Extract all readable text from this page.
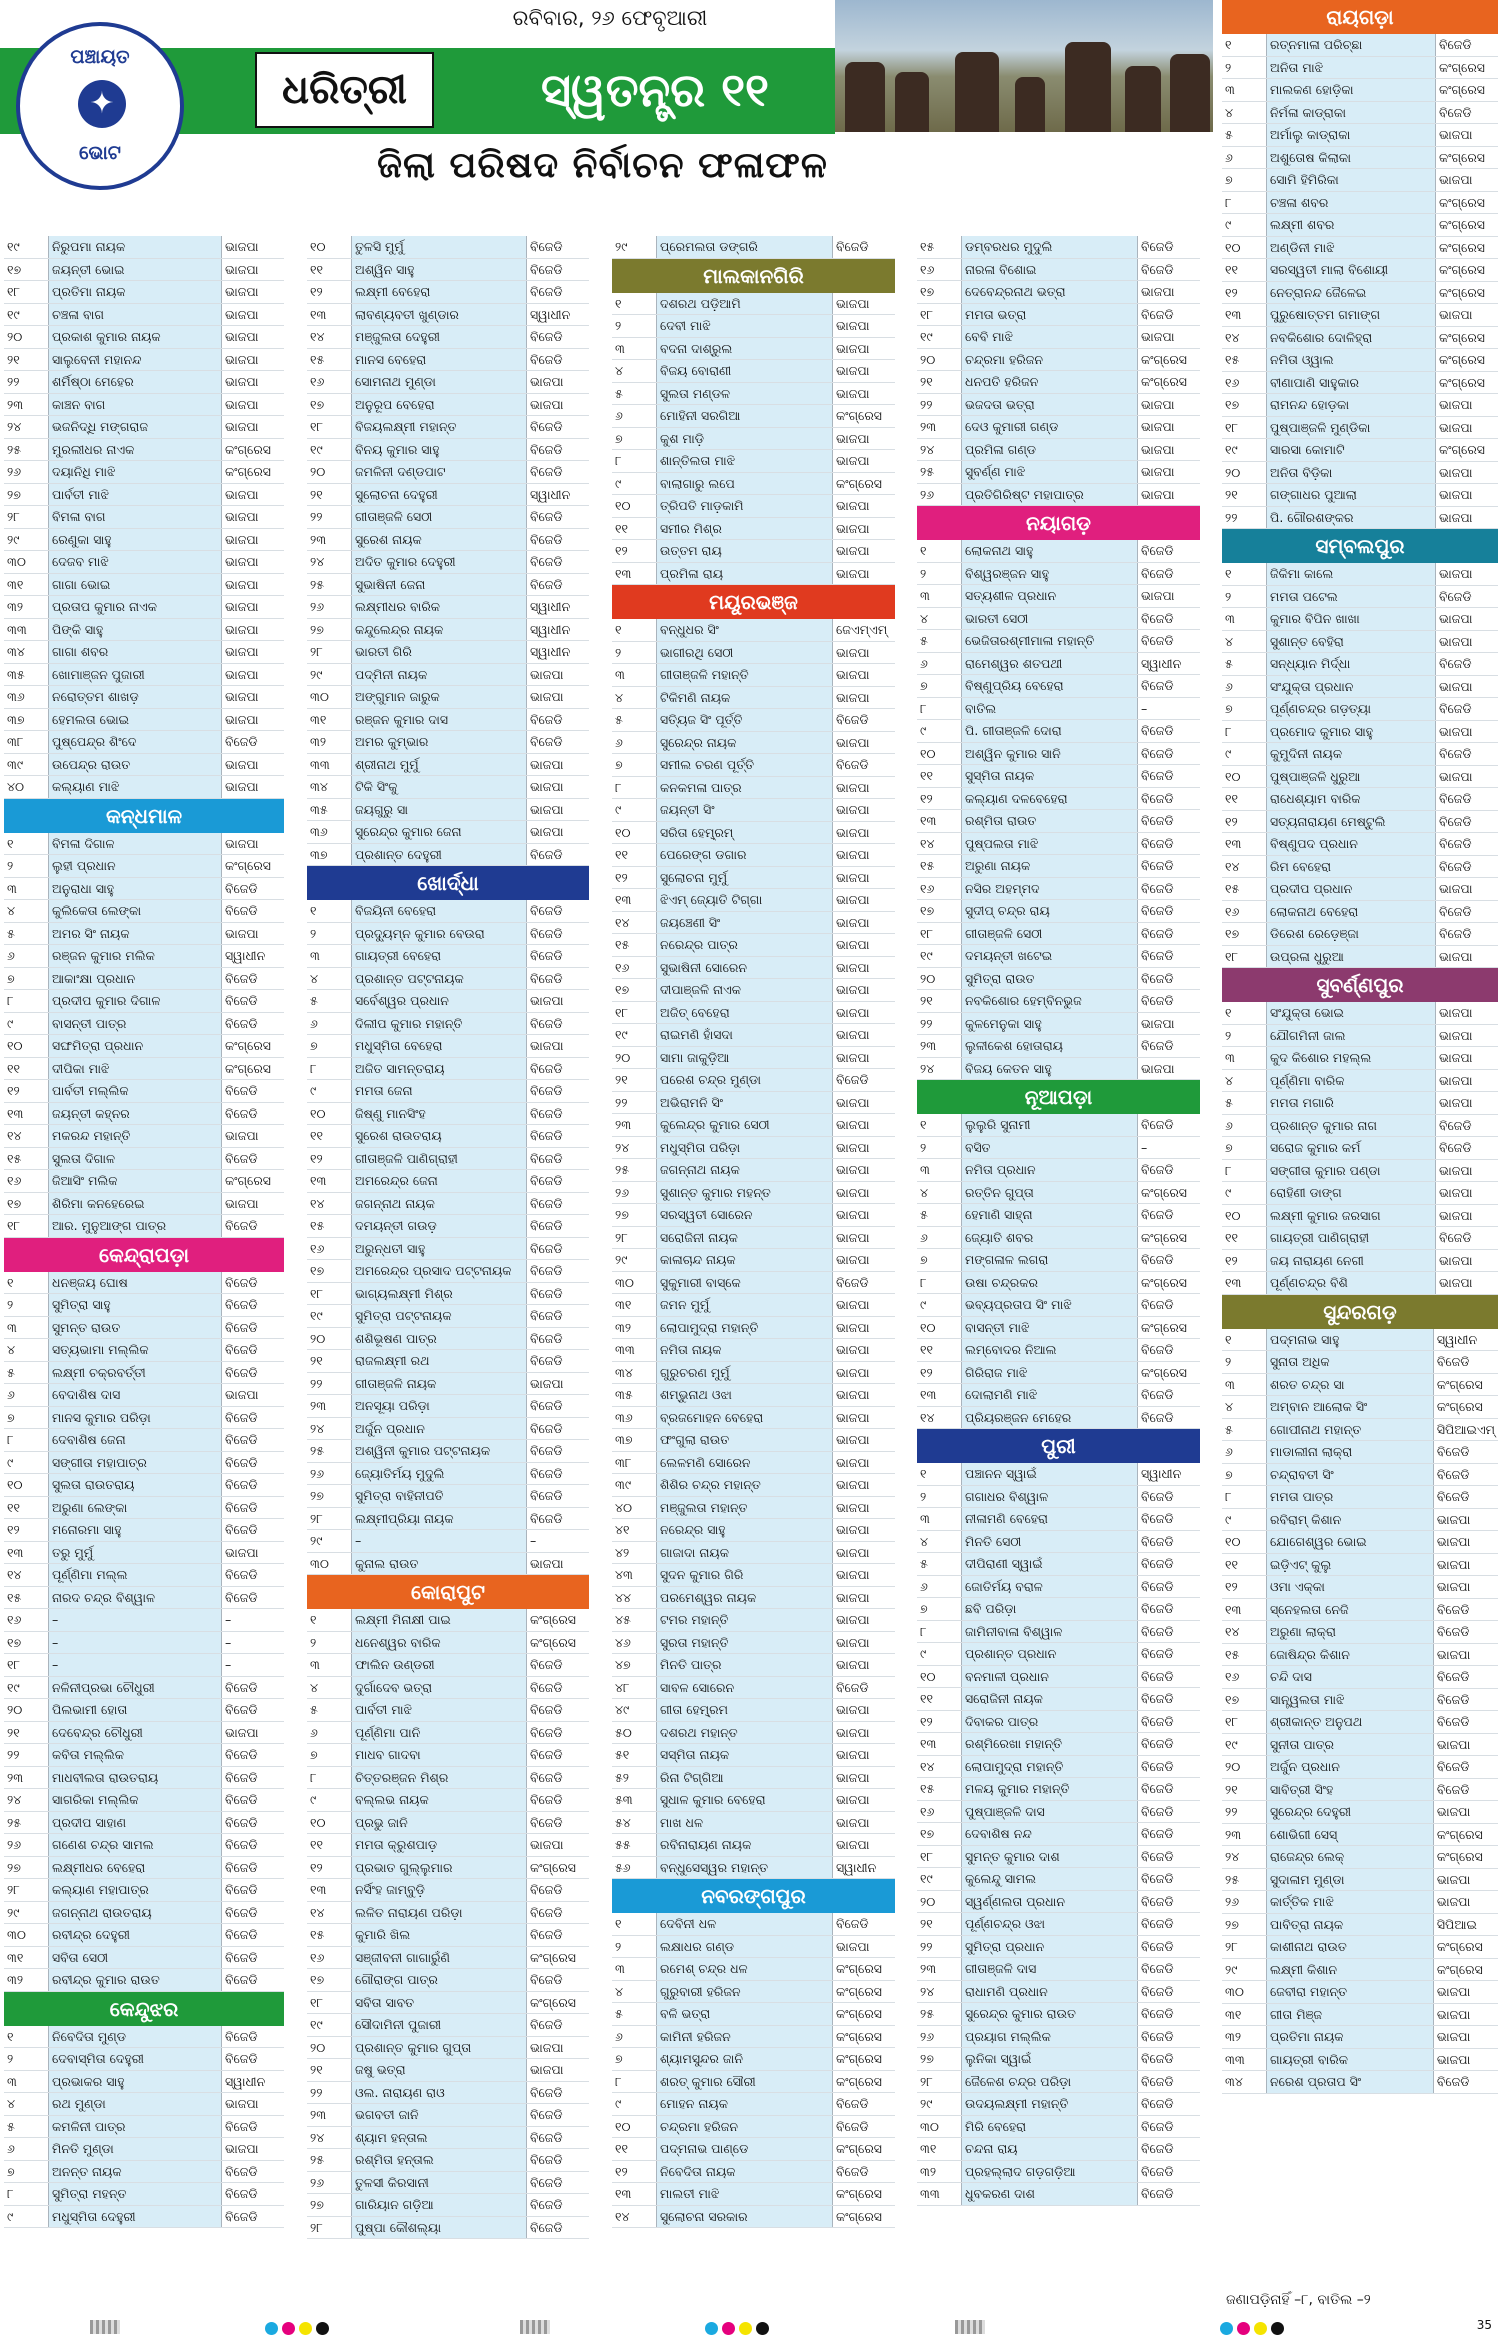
ରବିବାର, ୨୬ ଫେବୃଆରୀ
ପଞ୍ଚାୟତ
✦
ଭୋଟ
ଧରିତ୍ରୀ	ସ୍ୱତନ୍ତ୍ର ୧୧
ଜିଲା ପରିଷଦ ନିର୍ବାଚନ ଫଳାଫଳ
୧୯	ନିରୁପମା ନାୟକ	ଭାଜପା
୧୭	ଜୟନ୍ତୀ ଭୋଇ	ଭାଜପା
୧୮	ପ୍ରତିମା ନାୟକ	ଭାଜପା
୧୯	ଚଞ୍ଚଳା ବାଗ	ଭାଜପା
୨୦	ପ୍ରକାଶ କୁମାର ନାୟକ	ଭାଜପା
୨୧	ସାଲୁବେନୀ ମହାନନ୍ଦ	ଭାଜପା
୨୨	ଶର୍ମିଷ୍ଠା ମେହେର	ଭାଜପା
୨୩	କାଞ୍ଚନ ବାଗ	ଭାଜପା
୨୪	ଭଜନିଦ୍ଧି ମଙ୍ଗରାଜ	ଭାଜପା
୨୫	ମୁରଲୀଧର ନାଏକ	କଂଗ୍ରେସ
୨୬	ଦୟାନିଧି ମାଝି	କଂଗ୍ରେସ
୨୭	ପାର୍ବତୀ ମାଝି	ଭାଜପା
୨୮	ବିମଳା ବାଗ	ଭାଜପା
୨୯	ରେଣୁକା ସାହୁ	ଭାଜପା
୩୦	ଦେଜବ ମାଝି	ଭାଜପା
୩୧	ଗାଗା ଭୋଇ	ଭାଜପା
୩୨	ପ୍ରତାପ କୁମାର ନାଏକ	ଭାଜପା
୩୩	ପିଙ୍କି ସାହୁ	ଭାଜପା
୩୪	ଗାଗା ଶବର	ଭାଜପା
୩୫	ଖୋମାଞ୍ଜନ ପୁଜାରୀ	ଭାଜପା
୩୬	ନରୋତ୍ତମ ଶାଖଡ଼	ଭାଜପା
୩୭	ହେମଲତା ଭୋଇ	ଭାଜପା
୩୮	ପୁଷ୍ପେନ୍ଦ୍ର ଶିଂଦେ	ବିଜେଡି
୩୯	ଉପେନ୍ଦ୍ର ରାଉତ	ଭାଜପା
୪୦	କଲ୍ୟାଣ ମାଝି	ଭାଜପା
କନ୍ଧମାଳ
୧	ବିମଳା ଦିଗାଳ	ଭାଜପା
୨	ଲୁହୀ ପ୍ରଧାନ	କଂଗ୍ରେସ
୩	ଅନୁରାଧା ସାହୁ	ବିଜେଡି
୪	କୁଲିକେତା ଲେଙ୍କା	ବିଜେଡି
୫	ଅମର ସିଂ ନାୟକ	ଭାଜପା
୬	ରଞ୍ଜନ କୁମାର ମଲିକ	ସ୍ୱାଧୀନ
୭	ଆକାଂକ୍ଷା ପ୍ରଧାନ	ବିଜେଡି
୮	ପ୍ରଦୀପ କୁମାର ଦିଗାଳ	ବିଜେଡି
୯	ବାସନ୍ତୀ ପାତ୍ର	ବିଜେଡି
୧୦	ସଙ୍ଘମିତ୍ରା ପ୍ରଧାନ	କଂଗ୍ରେସ
୧୧	ଦୀପିକା ମାଝି	କଂଗ୍ରେସ
୧୨	ପାର୍ବତୀ ମଲ୍ଲିକ	ବିଜେଡି
୧୩	ଜୟନ୍ତୀ କହ୍ନର	ବିଜେଡି
୧୪	ମକରନ୍ଦ ମହାନ୍ତି	ଭାଜପା
୧୫	ସୁଲତା ଦିଗାଳ	ବିଜେଡି
୧୬	ଜିଆସିଂ ମଲିକ	କଂଗ୍ରେସ
୧୭	ଶିରିମା କନହେରେଇ	ଭାଜପା
୧୮	ଆର. ମୁନୁଆଙ୍ଗ ପାତ୍ର	ବିଜେଡି
କେନ୍ଦ୍ରାପଡ଼ା
୧	ଧନଞ୍ଜୟ ଘୋଷ	ବିଜେଡି
୨	ସୁମିତ୍ରା ସାହୁ	ବିଜେଡି
୩	ସୁମନ୍ତ ରାଉତ	ବିଜେଡି
୪	ସତ୍ୟଭାମା ମଲ୍ଲିକ	ବିଜେଡି
୫	ଲକ୍ଷ୍ମୀ ଚକ୍ରବର୍ତ୍ତୀ	ବିଜେଡି
୬	ବେଦାଶିଷ ଦାସ	ଭାଜପା
୭	ମାନସ କୁମାର ପରିଡ଼ା	ବିଜେଡି
୮	ଦେବାଶିଷ ଜେନା	ବିଜେଡି
୯	ସଙ୍ଗୀତା ମହାପାତ୍ର	ବିଜେଡି
୧୦	ସୁଲତା ରାଉତରାୟ	ବିଜେଡି
୧୧	ଅରୁଣା ଲେଙ୍କା	ବିଜେଡି
୧୨	ମନୋରମା ସାହୁ	ବିଜେଡି
୧୩	ତରୁ ମୁର୍ମୁ	ଭାଜପା
୧୪	ପୂର୍ଣ୍ଣିମା ମଲ୍ଲ	ବିଜେଡି
୧୫	ନାରଦ ଚନ୍ଦ୍ର ବିଶ୍ୱାଳ	ବିଜେଡି
୧୬	–	–
୧୭	–	–
୧୮	–	–
୧୯	ନଳିନୀପ୍ରଭା ଚୌଧୁରୀ	ବିଜେଡି
୨୦	ପିଲଭାମୀ ହୋତା	ବିଜେଡି
୨୧	ଦେବେନ୍ଦ୍ର ଚୌଧୁରୀ	ଭାଜପା
୨୨	କବିତା ମଲ୍ଲିକ	ବିଜେଡି
୨୩	ମାଧବୀଲତା ରାଉତରାୟ	ବିଜେଡି
୨୪	ସାଗରିକା ମଲ୍ଲିକ	ବିଜେଡି
୨୫	ପ୍ରଦୀପ ସାହାଣ	ବିଜେଡି
୨୬	ଗଣେଶ ଚନ୍ଦ୍ର ସାମଲ	ବିଜେଡି
୨୭	ଲକ୍ଷ୍ମୀଧର ବେହେରା	ବିଜେଡି
୨୮	କଲ୍ୟାଣ ମହାପାତ୍ର	ବିଜେଡି
୨୯	ଜଗନ୍ନାଥ ରାଉତରାୟ	ବିଜେଡି
୩୦	ରବୀନ୍ଦ୍ର ଦେହୁରୀ	ବିଜେଡି
୩୧	ସବିତା ସେଠୀ	ବିଜେଡି
୩୨	ରବୀନ୍ଦ୍ର କୁମାର ରାଉତ	ବିଜେଡି
କେନ୍ଦୁଝର
୧	ନିବେଦିତା ମୁଣ୍ଡ	ବିଜେଡି
୨	ଦେବାସ୍ମିତା ଦେହୁରୀ	ବିଜେଡି
୩	ପ୍ରଭାକର ସାହୁ	ସ୍ୱାଧୀନ
୪	ରଥ ମୁଣ୍ଡା	ଭାଜପା
୫	କମଳିନୀ ପାତ୍ର	ବିଜେଡି
୬	ମିନତି ମୁଣ୍ଡା	ଭାଜପା
୭	ଅନନ୍ତ ନାୟକ	ବିଜେଡି
୮	ସୁମିତ୍ରା ମହନ୍ତ	ବିଜେଡି
୯	ମଧୁସ୍ମିତା ଦେହୁରୀ	ବିଜେଡି
୧୦	ତୁଳସି ମୁର୍ମୁ	ବିଜେଡି
୧୧	ଅଶ୍ୱିନ ସାହୁ	ବିଜେଡି
୧୨	ଲକ୍ଷ୍ମୀ ବେହେରା	ବିଜେଡି
୧୩	ଲାବଣ୍ୟବତୀ ଖୁଣ୍ଡାର	ସ୍ୱାଧୀନ
୧୪	ମଞ୍ଜୁଲତା ଦେହୁରୀ	ବିଜେଡି
୧୫	ମାନସ ବେହେରା	ବିଜେଡି
୧୬	ସୋମନାଥ ମୁଣ୍ଡା	ଭାଜପା
୧୭	ଅନୁରୂପ ବେହେରା	ଭାଜପା
୧୮	ବିଜୟଲକ୍ଷ୍ମୀ ମହାନ୍ତ	ବିଜେଡି
୧୯	ବିନୟ କୁମାର ସାହୁ	ବିଜେଡି
୨୦	ଜମଳିନୀ ଦଣ୍ଡପାଟ	ବିଜେଡି
୨୧	ସୁଲୋଚନା ଦେହୁରୀ	ସ୍ୱାଧୀନ
୨୨	ଗୀତାଞ୍ଜଳି ସେଠୀ	ବିଜେଡି
୨୩	ସୁରେଶ ନାୟକ	ବିଜେଡି
୨୪	ଅଦିତ କୁମାର ଦେହୁରୀ	ବିଜେଡି
୨୫	ସୁଭାଷିନୀ ଜେନା	ବିଜେଡି
୨୬	ଲକ୍ଷ୍ମୀଧର ବାରିକ	ସ୍ୱାଧୀନ
୨୭	କନ୍ଦୁଲେନ୍ଦ୍ର ନାୟକ	ସ୍ୱାଧୀନ
୨୮	ଭାରତୀ ଗିରି	ସ୍ୱାଧୀନ
୨୯	ପଦ୍ମିନୀ ନାୟକ	ଭାଜପା
୩୦	ଅଙ୍ଗୁମାନ ଜାରୁକ	ଭାଜପା
୩୧	ରଞ୍ଜନ କୁମାର ଦାସ	ବିଜେଡି
୩୨	ଅମର କୁମ୍ଭାର	ବିଜେଡି
୩୩	ଶ୍ରୀନାଥ ମୁର୍ମୁ	ଭାଜପା
୩୪	ଟିକି ସିଂକୁ	ଭାଜପା
୩୫	ଜୟଗୁରୁ ସା	ଭାଜପା
୩୬	ସୁରେନ୍ଦ୍ର କୁମାର ଜେନା	ଭାଜପା
୩୭	ପ୍ରଶାନ୍ତ ଦେହୁରୀ	ବିଜେଡି
ଖୋର୍ଦ୍ଧା
୧	ବିଜୟିନୀ ବେହେରା	ବିଜେଡି
୨	ପ୍ରଦ୍ୟୁମ୍ନ କୁମାର ବେଉରା	ବିଜେଡି
୩	ଗାୟତ୍ରୀ ବେହେରା	ବିଜେଡି
୪	ପ୍ରଶାନ୍ତ ପଟ୍ଟନାୟକ	ବିଜେଡି
୫	ସର୍ବେଶ୍ୱର ପ୍ରଧାନ	ଭାଜପା
୬	ଦିଲୀପ କୁମାର ମହାନ୍ତି	ବିଜେଡି
୭	ମଧୁସ୍ମିତା ବେହେରା	ଭାଜପା
୮	ଅଜିତ ସାମନ୍ତରାୟ	ବିଜେଡି
୯	ମମତା ଜେନା	ବିଜେଡି
୧୦	ଜିଷ୍ଣୁ ମାନସିଂହ	ବିଜେଡି
୧୧	ସୁରେଶ ରାଉତରାୟ	ବିଜେଡି
୧୨	ଗୀତାଞ୍ଜଳି ପାଣିଗ୍ରାହୀ	ବିଜେଡି
୧୩	ଅମରେନ୍ଦ୍ର ଜେନା	ବିଜେଡି
୧୪	ଜଗନ୍ନାଥ ନାୟକ	ବିଜେଡି
୧୫	ଦମୟନ୍ତୀ ଗଉଡ଼	ବିଜେଡି
୧୬	ଅରୁନ୍ଧତୀ ସାହୁ	ବିଜେଡି
୧୭	ଅମରେନ୍ଦ୍ର ପ୍ରସାଦ ପଟ୍ଟନାୟକ	ବିଜେଡି
୧୮	ଭାଗ୍ୟଲକ୍ଷ୍ମୀ ମିଶ୍ର	ବିଜେଡି
୧୯	ସୁମିତ୍ରା ପଟ୍ଟନାୟକ	ବିଜେଡି
୨୦	ଶଶିଭୂଷଣ ପାତ୍ର	ବିଜେଡି
୨୧	ରାଜଲକ୍ଷ୍ମୀ ରଥ	ବିଜେଡି
୨୨	ଗୀତାଞ୍ଜଳି ନାୟକ	ଭାଜପା
୨୩	ଅନସୂୟା ପରିଡ଼ା	ବିଜେଡି
୨୪	ଅର୍ଜୁନ ପ୍ରଧାନ	ବିଜେଡି
୨୫	ଅଶ୍ୱିନୀ କୁମାର ପଟ୍ଟନାୟକ	ବିଜେଡି
୨୬	ଜ୍ୟୋତିର୍ମୟ ମୁଦୁଲି	ବିଜେଡି
୨୭	ସୁମିତ୍ରା ବାହିନୀପତି	ବିଜେଡି
୨୮	ଲକ୍ଷ୍ମୀପ୍ରିୟା ନାୟକ	ବିଜେଡି
୨୯	–	–
୩୦	କୁନାଲ ରାଉତ	ଭାଜପା
କୋରାପୁଟ
୧	ଲକ୍ଷ୍ମୀ ମିନାକ୍ଷୀ ପାଇ	କଂଗ୍ରେସ
୨	ଧନେଶ୍ୱର ବାରିକ	କଂଗ୍ରେସ
୩	ଫାଲିନ ଉଣ୍ଡରୀ	ବିଜେଡି
୪	ଦୁର୍ଗାଦେବ ଭତ୍ରା	ବିଜେଡି
୫	ପାର୍ବତୀ ମାଝି	ବିଜେଡି
୬	ପୂର୍ଣ୍ଣିମା ପାନି	ବିଜେଡି
୭	ମାଧବ ଗାଦବା	ବିଜେଡି
୮	ଚିତ୍ତରଞ୍ଜନ ମିଶ୍ର	ବିଜେଡି
୯	ବଲ୍ଲଭ ନାୟକ	ବିଜେଡି
୧୦	ପ୍ରଭୁ ଜାନି	ବିଜେଡି
୧୧	ମମତା କ୍ରୁଶପାଡ଼	ଭାଜପା
୧୨	ପ୍ରଭାତ ଗୁଲ୍ଲୁମାର	କଂଗ୍ରେସ
୧୩	ନର୍ସିଂହ ଜାମ୍ବୁଡ଼ି	ବିଜେଡି
୧୪	ଲଳିତ ନାରାୟଣ ପରିଡ଼ା	ବିଜେଡି
୧୫	କୁମାରି ଖିଲ	ବିଜେଡି
୧୬	ସଞ୍ଜୀବନୀ ଗାଗାରୁଁଣି	କଂଗ୍ରେସ
୧୭	ଗୌରାଙ୍ଗ ପାତ୍ର	ବିଜେଡି
୧୮	ସବିତା ସାବତ	କଂଗ୍ରେସ
୧୯	ସୌଦାମିନୀ ପୁଜାରୀ	ବିଜେଡି
୨୦	ପ୍ରଶାନ୍ତ କୁମାର ଗୁପ୍ତା	ଭାଜପା
୨୧	ଜଷୁ ଭତ୍ରା	ଭାଜପା
୨୨	ଓଲ. ନାରାୟଣ ରାଓ	ବିଜେଡି
୨୩	ଭଗବତୀ ଜାନି	ବିଜେଡି
୨୪	ଶ୍ୟାମ ହନ୍ତାଲ	ବିଜେଡି
୨୫	ରଶ୍ମିତା ହନ୍ତାଲ	ବିଜେଡି
୨୬	ତୁଳସୀ କିରସାନୀ	ବିଜେଡି
୨୭	ଗାରିୟାନ ଗଡ଼ିଆ	ବିଜେଡି
୨୮	ପୁଷ୍ପା କୌଶଲ୍ୟା	ବିଜେଡି
୨୯	ପ୍ରେମଲତା ଡଙ୍ଗରି	ବିଜେଡି
ମାଲକାନଗିରି
୧	ଦଶରଥ ପଡ଼ିଆମି	ଭାଜପା
୨	ଦେବୀ ମାଝି	ଭାଜପା
୩	ବଦନା ଦାଶ୍ରୁଲ	ଭାଜପା
୪	ବିଜୟ ବୋରାଣୀ	ଭାଜପା
୫	ସୁଲତା ମଣ୍ଡଳ	ଭାଜପା
୬	ମୋହିନୀ ସରଗିଆ	କଂଗ୍ରେସ
୭	କୁଶ ମାଡ଼ି	ଭାଜପା
୮	ଶାନ୍ତିଲତା ମାଝି	ଭାଜପା
୯	ବାଲାଗାରୁ ଲପେ	କଂଗ୍ରେସ
୧୦	ତ୍ରିପତି ମାଡ଼କାମି	ଭାଜପା
୧୧	ସମୀର ମିଶ୍ର	ଭାଜପା
୧୨	ଉତ୍ତମ ରାୟ	ଭାଜପା
୧୩	ପ୍ରମିଳା ରାୟ	ଭାଜପା
ମୟୂରଭଞ୍ଜ
୧	ବନ୍ଧୁଧର ସିଂ	ଜେଏମ୍‌ଏମ୍
୨	ଭାଗୀରଥି ସେଠୀ	ଭାଜପା
୩	ଗୀତାଞ୍ଜଳି ମହାନ୍ତି	ଭାଜପା
୪	ଟିକିମଣି ନାୟକ	ଭାଜପା
୫	ସତ୍ୟିଜ ସିଂ ପୂର୍ତ୍ତି	ବିଜେଡି
୬	ସୁରେନ୍ଦ୍ର ନାୟକ	ଭାଜପା
୭	ସମୀଲ ଚରଣ ପୂର୍ତ୍ତି	ବିଜେଡି
୮	କନକମଳା ପାତ୍ର	ଭାଜପା
୯	ଜୟନ୍ତୀ ସିଂ	ଭାଜପା
୧୦	ସରିତା ହେମ୍ବ୍ରମ୍	ଭାଜପା
୧୧	ପେରେଙ୍ଗ ଡଗାର	ଭାଜପା
୧୨	ସୁଲୋଚନା ମୁର୍ମୁ	ଭାଜପା
୧୩	ଝିଏମ୍ ଜ୍ୟୋତି ଟିଗ୍ଗା	ଭାଜପା
୧୪	ଜୟଞ୍ଚେଣୀ ସିଂ	ଭାଜପା
୧୫	ନରେନ୍ଦ୍ର ପାତ୍ର	ଭାଜପା
୧୬	ସୁଭାଷିନୀ ସୋରେନ	ଭାଜପା
୧୭	ଦୀପାଞ୍ଜଳି ନାଏକ	ଭାଜପା
୧୮	ଅଜିତ୍ ବେହେରା	ଭାଜପା
୧୯	ରାଇମଣି ହାଁସଦା	ଭାଜପା
୨୦	ସାମା ଜାକୁଡ଼ିଆ	ଭାଜପା
୨୧	ପରେଶ ଚନ୍ଦ୍ର ମୁଣ୍ଡା	ବିଜେଡି
୨୨	ଅଭିରାମନି ସିଂ	ଭାଜପା
୨୩	କୁଲେନ୍ଦ୍ର କୁମାର ସେଠୀ	ଭାଜପା
୨୪	ମଧୁସ୍ମିତା ପରିଡ଼ା	ଭାଜପା
୨୫	ଜଗନ୍ନାଥ ନାୟକ	ଭାଜପା
୨୬	ସୁଶାନ୍ତ କୁମାର ମହନ୍ତ	ଭାଜପା
୨୭	ସରସ୍ୱତୀ ସୋରେନ	ଭାଜପା
୨୮	ସରୋଜିନୀ ନାୟକ	ଭାଜପା
୨୯	କାଳାଚାନ୍ଦ ନାୟକ	ଭାଜପା
୩୦	ସୁକୁମାରୀ ବାସ୍କେ	ବିଜେଡି
୩୧	ଜମନ ମୁର୍ମୁ	ଭାଜପା
୩୨	ଲୋପାମୁଦ୍ରା ମହାନ୍ତି	ଭାଜପା
୩୩	ନମିତା ନାୟକ	ଭାଜପା
୩୪	ଗୁରୁଚରଣ ମୁର୍ମୁ	ଭାଜପା
୩୫	ଶମ୍ଭୁନାଥ ଓଝା	ଭାଜପା
୩୬	ବ୍ରଜମୋହନ ବେହେରା	ଭାଜପା
୩୭	ଫଂଗୁଲା ରାଉତ	ଭାଜପା
୩୮	ଲେଳମଣି ସୋରେନ	ଭାଜପା
୩୯	ଶିଶିର ଚନ୍ଦ୍ର ମହାନ୍ତ	ଭାଜପା
୪୦	ମଞ୍ଜୁଲତା ମହାନ୍ତ	ଭାଜପା
୪୧	ନରେନ୍ଦ୍ର ସାହୁ	ଭାଜପା
୪୨	ଗାଜାଦା ନାୟକ	ଭାଜପା
୪୩	ସୁଦନ କୁମାର ଗିରି	ଭାଜପା
୪୪	ପରମେଶ୍ୱର ନାୟକ	ଭାଜପା
୪୫	ଟମର ମହାନ୍ତି	ଭାଜପା
୪୬	ସୁରତା ମହାନ୍ତି	ଭାଜପା
୪୭	ମିନତି ପାତ୍ର	ଭାଜପା
୪୮	ସାବଳ ସୋରେନ	ବିଜେଡି
୪୯	ଗୀତା ହେମ୍ବ୍ରମ	ଭାଜପା
୫୦	ଦଶରଥ ମହାନ୍ତ	ଭାଜପା
୫୧	ସସ୍ମିତା ନାୟକ	ଭାଜପା
୫୨	ରିନା ଟିଗ୍ଗିଆ	ଭାଜପା
୫୩	ସୁଧାଳ କୁମାର ବେହେରା	ଭାଜପା
୫୪	ମାଖ ଧଳ	ଭାଜପା
୫୫	ରବିନାରାୟଣ ନାୟକ	ଭାଜପା
୫୬	ବନ୍ଧୁସେସ୍ୱର ମହାନ୍ତ	ସ୍ୱାଧୀନ
ନବରଙ୍ଗପୁର
୧	ଦେବିନୀ ଧଳ	ବିଜେଡି
୨	ଲକ୍ଷାଧର ଗଣ୍ଡ	ଭାଜପା
୩	ରମେଶ୍ ଚନ୍ଦ୍ର ଧଳ	କଂଗ୍ରେସ
୪	ଗୁରୁବାରୀ ହରିଜନ	କଂଗ୍ରେସ
୫	ବଳି ଭତ୍ରା	କଂଗ୍ରେସ
୬	କାମିନୀ ହରିଜନ	କଂଗ୍ରେସ
୭	ଶ୍ୟାମସୁନ୍ଦର ଜାନି	କଂଗ୍ରେସ
୮	ଶରତ୍ କୁମାର ସୌରୀ	କଂଗ୍ରେସ
୯	ମୋହନ ନାୟକ	ବିଜେଡି
୧୦	ଚନ୍ଦ୍ରମା ହରିଜନ	ବିଜେଡି
୧୧	ପଦ୍ମନାଭ ପାଣ୍ଡେ	କଂଗ୍ରେସ
୧୨	ନିବେଦିତା ନାୟକ	ବିଜେଡି
୧୩	ମାଲତୀ ମାଝି	କଂଗ୍ରେସ
୧୪	ସୁଲୋଚନା ସରକାର	କଂଗ୍ରେସ
୧୫	ଡମ୍ବରଧର ମୁଦୁଲି	ବିଜେଡି
୧୬	ନାରଳା ବିଶୋଇ	ବିଜେଡି
୧୭	ଦେବେନ୍ଦ୍ରନାଥ ଭତ୍ରା	ଭାଜପା
୧୮	ମମତା ଭତ୍ରା	ବିଜେଡି
୧୯	ବେବି ମାଝି	ଭାଜପା
୨୦	ଚନ୍ଦ୍ରମା ହରିଜନ	କଂଗ୍ରେସ
୨୧	ଧନପତି ହରିଜନ	କଂଗ୍ରେସ
୨୨	ଭଜଦତା ଭତ୍ରା	ଭାଜପା
୨୩	ଦେଓ କୁମାରୀ ଗଣ୍ଡ	ଭାଜପା
୨୪	ପ୍ରମିଳା ଗଣ୍ଡ	ଭାଜପା
୨୫	ସୁବର୍ଣ୍ଣ ମାଝି	ଭାଜପା
୨୬	ପ୍ରତିଗିରିଷ୍ଟ ମହାପାତ୍ର	ଭାଜପା
ନୟାଗଡ଼
୧	ଲୋକନାଥ ସାହୁ	ବିଜେଡି
୨	ବିଶ୍ୱରଞ୍ଜନ ସାହୁ	ବିଜେଡି
୩	ସତ୍ୟଶୀଳ ପ୍ରଧାନ	ଭାଜପା
୪	ଭାରତୀ ସେଠୀ	ବିଜେଡି
୫	ଭେଜିତାରଶ୍ମୀମାଳା ମହାନ୍ତି	ବିଜେଡି
୬	ରାମେଶ୍ୱର ଶତପଥୀ	ସ୍ୱାଧୀନ
୭	ବିଷ୍ଣୁପ୍ରିୟ ବେହେରା	ବିଜେଡି
୮	ବାତିଲ	–
୯	ପି. ଗୀତାଞ୍ଜଳି ଦୋରା	ବିଜେଡି
୧୦	ଅଶ୍ୱିନ କୁମାର ସାନି	ବିଜେଡି
୧୧	ସୁସ୍ମିତା ନାୟକ	ବିଜେଡି
୧୨	କଲ୍ୟାଣ ଦଳବେହେରା	ବିଜେଡି
୧୩	ରଶ୍ମିତା ରାଉତ	ବିଜେଡି
୧୪	ପୁଷ୍ପଲତା ମାଝି	ବିଜେଡି
୧୫	ଅରୁଣା ନାୟକ	ବିଜେଡି
୧୬	ନସିର ଅହମ୍ମଦ	ବିଜେଡି
୧୭	ସୁଦୀପ୍ ଚନ୍ଦ୍ର ରାୟ	ବିଜେଡି
୧୮	ଗୀତାଞ୍ଜଳି ସେଠୀ	ବିଜେଡି
୧୯	ଦମୟନ୍ତୀ ଖଟେଇ	ବିଜେଡି
୨୦	ସୁମିତ୍ରା ରାଉତ	ବିଜେଡି
୨୧	ନବକିଶୋର ହେମ୍ବିନଭୁଜ	ବିଜେଡି
୨୨	କୁଳମେନୁକା ସାହୁ	ଭାଜପା
୨୩	ଲୁଳୀକେଶ ହୋତାରାୟ	ବିଜେଡି
୨୪	ବିଜୟ କେତନ ସାହୁ	ଭାଜପା
ନୂଆପଡ଼ା
୧	ଲୁଲୁରି ସୁନାମୀ	ବିଜେଡି
୨	ବସିତ	–
୩	ନମିତା ପ୍ରଧାନ	ବିଜେଡି
୪	ରତ୍ତିନ ଗୁପ୍ତା	କଂଗ୍ରେସ
୫	ହେମାଣି ସାହ୍ନା	ବିଜେଡି
୬	ଜ୍ୟୋତି ଶବର	କଂଗ୍ରେସ
୭	ମଙ୍ଗଳାଳ ଲଗରା	ବିଜେଡି
୮	ଉଷା ଚନ୍ଦ୍ରକର	କଂଗ୍ରେସ
୯	ଭବ୍ୟପ୍ରତାପ ସିଂ ମାଝି	ବିଜେଡି
୧୦	ବାସନ୍ତୀ ମାଝି	କଂଗ୍ରେସ
୧୧	ଲମ୍ବୋଦର ନିଆଲ	ବିଜେଡି
୧୨	ଗିରିରାଜ ମାଝି	କଂଗ୍ରେସ
୧୩	ଦୋଲାମଣି ମାଝି	ବିଜେଡି
୧୪	ପ୍ରିୟରଞ୍ଜନ ମେହେର	ବିଜେଡି
ପୁରୀ
୧	ପଞ୍ଚାନନ ସ୍ୱାଇଁ	ସ୍ୱାଧୀନ
୨	ଗଗାଧର ବିଶ୍ୱାଳ	ବିଜେଡି
୩	ନୀଳାମଣି ବେହେରା	ବିଜେଡି
୪	ମିନତି ସେଠୀ	ବିଜେଡି
୫	ଦୀପିରାଣୀ ସ୍ୱାଇଁ	ବିଜେଡି
୬	ଜୋତିର୍ମୟ ବରାଳ	ବିଜେଡି
୭	ଛବି ପରିଡ଼ା	ବିଜେଡି
୮	ଜାମିନୀବାଳା ବିଶ୍ୱାଳ	ବିଜେଡି
୯	ପ୍ରଶାନ୍ତ ପ୍ରଧାନ	ବିଜେଡି
୧୦	ବନମାଳୀ ପ୍ରଧାନ	ବିଜେଡି
୧୧	ସରୋଜିନୀ ନାୟକ	ବିଜେଡି
୧୨	ଦିବାକର ପାତ୍ର	ବିଜେଡି
୧୩	ରଶ୍ମିରେଖା ମହାନ୍ତି	ବିଜେଡି
୧୪	ଲୋପାମୁଦ୍ରା ମହାନ୍ତି	ବିଜେଡି
୧୫	ମଳୟ କୁମାର ମହାନ୍ତି	ବିଜେଡି
୧୬	ପୁଷ୍ପାଞ୍ଜଳି ଦାସ	ବିଜେଡି
୧୭	ଦେବାଶିଷ ନନ୍ଦ	ବିଜେଡି
୧୮	ସୁମନ୍ତ କୁମାର ଦାଶ	ବିଜେଡି
୧୯	କୁଲେନ୍ଦୁ ସାମଲ	ବିଜେଡି
୨୦	ସ୍ୱର୍ଣ୍ଣଲତା ପ୍ରଧାନ	ବିଜେଡି
୨୧	ପୂର୍ଣ୍ଣଚନ୍ଦ୍ର ଓଝା	ବିଜେଡି
୨୨	ସୁମିତ୍ରା ପ୍ରଧାନ	ବିଜେଡି
୨୩	ଗୀତାଞ୍ଜଳି ଦାସ	ବିଜେଡି
୨୪	ରାଧାମଣି ପ୍ରଧାନ	ବିଜେଡି
୨୫	ସୁରେନ୍ଦ୍ର କୁମାର ରାଉତ	ବିଜେଡି
୨୬	ପ୍ରୟାଗ ମଲ୍ଲିକ	ବିଜେଡି
୨୭	ଲୁନିକା ସ୍ୱାଇଁ	ବିଜେଡି
୨୮	ଜୈଳେଶ ଚନ୍ଦ୍ର ପରିଡ଼ା	ବିଜେଡି
୨୯	ଉଦୟଲକ୍ଷ୍ମୀ ମହାନ୍ତି	ବିଜେଡି
୩୦	ମିରି ବେହେରା	ବିଜେଡି
୩୧	ଚନ୍ଦନା ରାୟ	ବିଜେଡି
୩୨	ପ୍ରହଲ୍ଲାଦ ଗଡ଼ଗଡ଼ିଆ	ବିଜେଡି
୩୩	ଧୁବକରଣ ଦାଶ	ବିଜେଡି
ରାୟଗଡ଼ା
୧	ରତ୍ନମାଳା ପରିଚ୍ଛା	ବିଜେଡି
୨	ଅନିତା ମାଝି	କଂଗ୍ରେସ
୩	ମାଲକଣ ହୋଡ଼ିକା	କଂଗ୍ରେସ
୪	ନିର୍ମଳା କାଡ୍ରାକା	ବିଜେଡି
୫	ଅର୍ମାଲୁ କାଡ୍ରାକା	ଭାଜପା
୬	ଅଶୁତୋଷ କିଲାକା	କଂଗ୍ରେସ
୭	ସୋମି ହିମିରିକା	ଭାଜପା
୮	ଚଞ୍ଚଳା ଶବର	କଂଗ୍ରେସ
୯	ଲକ୍ଷ୍ମୀ ଶବର	କଂଗ୍ରେସ
୧୦	ଅଣ୍ଡିନୀ ମାଝି	କଂଗ୍ରେସ
୧୧	ସରସ୍ୱତୀ ମାଲା ବିଶୋୟୀ	କଂଗ୍ରେସ
୧୨	ନେତ୍ରାନନ୍ଦ ଜୈଳେଇ	କଂଗ୍ରେସ
୧୩	ପୁରୁଷୋତ୍ତମ ଗମାଙ୍ଗ	ଭାଜପା
୧୪	ନବକିଶୋର ଦୋଳିହ୍ରା	କଂଗ୍ରେସ
୧୫	ନମିତା ଓ୍ୱାଲ	କଂଗ୍ରେସ
୧୬	ବୀଣାପାଣି ସାହୁକାର	କଂଗ୍ରେସ
୧୭	ରାମନନ୍ଦ ହୋଡ଼କା	ଭାଜପା
୧୮	ପୁଷ୍ପାଞ୍ଜଳି ମୁଣ୍ଡିକା	ଭାଜପା
୧୯	ସାରସା କୋମାଟି	କଂଗ୍ରେସ
୨୦	ଅନିତା ବିଡ଼ିକା	ଭାଜପା
୨୧	ଗଙ୍ଗାଧର ପୁଆଲା	ଭାଜପା
୨୨	ପି. ଗୌରଶଙ୍କର	ଭାଜପା
ସମ୍ବଲପୁର
୧	ଜିକିମା କାଲେ	ଭାଜପା
୨	ମମତା ପଟେଲ	ବିଜେଡି
୩	କୁମାର ବିପିନ ଖାଖା	ଭାଜପା
୪	ସୁଶାନ୍ତ ବେହିରା	ଭାଜପା
୫	ସନ୍ଧ୍ୟାନ ମିର୍ଦ୍ଧା	ବିଜେଡି
୬	ସଂଯୁକ୍ତା ପ୍ରଧାନ	ଭାଜପା
୭	ପୂର୍ଣ୍ଣଚନ୍ଦ୍ର ଗଡ଼ତ୍ୟା	ବିଜେଡି
୮	ପ୍ରମୋଦ କୁମାର ସାହୁ	ଭାଜପା
୯	କୁମୁଦିନୀ ନାୟକ	ବିଜେଡି
୧୦	ପୁଷ୍ପାଞ୍ଜଳି ଧୁରୁଆ	ଭାଜପା
୧୧	ରାଧେଶ୍ୟାମ ବାରିକ	ବିଜେଡି
୧୨	ସତ୍ୟନାରାୟଣ ମେଷ୍ଟୁଲି	ବିଜେଡି
୧୩	ବିଷ୍ଣୁପଦ ପ୍ରଧାନ	ବିଜେଡି
୧୪	ରିମ ବେହେରା	ବିଜେଡି
୧୫	ପ୍ରଦୀପ ପ୍ରଧାନ	ଭାଜପା
୧୬	ଲୋକନାଥ ବେହେରା	ବିଜେଡି
୧୭	ଡିରେଶ ରେଡ଼େଞ୍ଜା	ବିଜେଡି
୧୮	ଉପ୍ରଳା ଧୁରୁଆ	ଭାଜପା
ସୁବର୍ଣ୍ଣପୁର
୧	ସଂଯୁକ୍ତା ଭୋଇ	ଭାଜପା
୨	ଯୌଗମିନୀ ଜାଲ	ଭାଜପା
୩	କୁଦ କିଶୋର ମହଲ୍ଲ	ଭାଜପା
୪	ପୂର୍ଣ୍ଣିମା ବାରିକ	ଭାଜପା
୫	ମମତା ମଗାରି	ଭାଜପା
୬	ପ୍ରଶାନ୍ତ କୁମାର ନାଗ	ବିଜେଡି
୭	ସରୋଜ କୁମାର କର୍ମ	ବିଜେଡି
୮	ସଙ୍ଗୀତା କୁମାର ପଣ୍ଡା	ଭାଜପା
୯	ରୋହିଣୀ ଡାଙ୍ଗ	ଭାଜପା
୧୦	ଲକ୍ଷ୍ମୀ କୁମାର ଜରସାଗ	ଭାଜପା
୧୧	ଗାୟତ୍ରୀ ପାଣିଗ୍ରାହୀ	ବିଜେଡି
୧୨	ଜୟ ନାରାୟଣ ନେଗୀ	ଭାଜପା
୧୩	ପୂର୍ଣ୍ଣଚନ୍ଦ୍ର ବିଶି	ଭାଜପା
ସୁନ୍ଦରଗଡ଼
୧	ପଦ୍ମନାଭ ସାହୁ	ସ୍ୱାଧୀନ
୨	ସୁନାତା ଅଧିକ	ବିଜେଡି
୩	ଶରତ ଚନ୍ଦ୍ର ସା	କଂଗ୍ରେସ
୪	ଅମ୍ବାନ ଆଲୋକ ସିଂ	କଂଗ୍ରେସ
୫	ଗୋପୀନାଥ ମହାନ୍ତ	ସିପିଆଇଏମ୍
୬	ମାଡାଲୀନା ଲାକ୍ରା	ବିଜେଡି
୭	ଚନ୍ଦ୍ରାବତୀ ସିଂ	ବିଜେଡି
୮	ମମତା ପାତ୍ର	ବିଜେଡି
୯	ରବିରାମ୍ କିଶାନ	ଭାଜପା
୧୦	ଯୋଗେଶ୍ୱର ଭୋଇ	ଭାଜପା
୧୧	ଇଡ଼ିଏଟ୍ କୁଲୁ	ଭାଜପା
୧୨	ଓମା ଏକ୍କା	ଭାଜପା
୧୩	ସ୍ନେହଲତା ନେଜି	ବିଜେଡି
୧୪	ଅରୁଣା ଲାକ୍ରା	ବିଜେଡି
୧୫	ଜୋଷିନ୍ଦ୍ର କିଶାନ	ଭାଜପା
୧୬	ଚନ୍ଦି ଦାସ	ବିଜେଡି
୧୭	ସାନ୍ତ୍ୱଲତା ମାଝି	ବିଜେଡି
୧୮	ଶ୍ରୀକାନ୍ତ ଅନୁପଥ	ବିଜେଡି
୧୯	ସୁନୀତା ପାତ୍ର	ଭାଜପା
୨୦	ଅର୍ଜୁନ ପ୍ରଧାନ	ବିଜେଡି
୨୧	ସାବିତ୍ରୀ ସିଂହ	ବିଜେଡି
୨୨	ସୁରେନ୍ଦ୍ର ଦେହୁରୀ	ଭାଜପା
୨୩	ଶୋଭିଗୀ ସେସ୍	କଂଗ୍ରେସ
୨୪	ରାଜେନ୍ଦ୍ର ଲେକ୍	କଂଗ୍ରେସ
୨୫	ସୁଦାଳାମ ମୁଣ୍ଡା	ଭାଜପା
୨୬	କାର୍ତ୍ତିକ ମାଝି	ଭାଜପା
୨୭	ପାବିତ୍ରା ନାୟକ	ସିପିଆଇ
୨୮	କାଶୀନାଥ ରାଉତ	କଂଗ୍ରେସ
୨୯	ଲକ୍ଷ୍ମୀ କିଶାନ	କଂଗ୍ରେସ
୩୦	ଜେବୀରା ମହାନ୍ତ	ଭାଜପା
୩୧	ଗୀତା ମିଞ୍ଜ	ଭାଜପା
୩୨	ପ୍ରତିମା ନାୟକ	ଭାଜପା
୩୩	ଗାୟତ୍ରୀ ବାରିକ	ଭାଜପା
୩୪	ନରେଶ ପ୍ରତାପ ସିଂ	ବିଜେଡି
ଜଣାପଡ଼ିନାହିଁ –୮, ବାତିଲ –୨
35
